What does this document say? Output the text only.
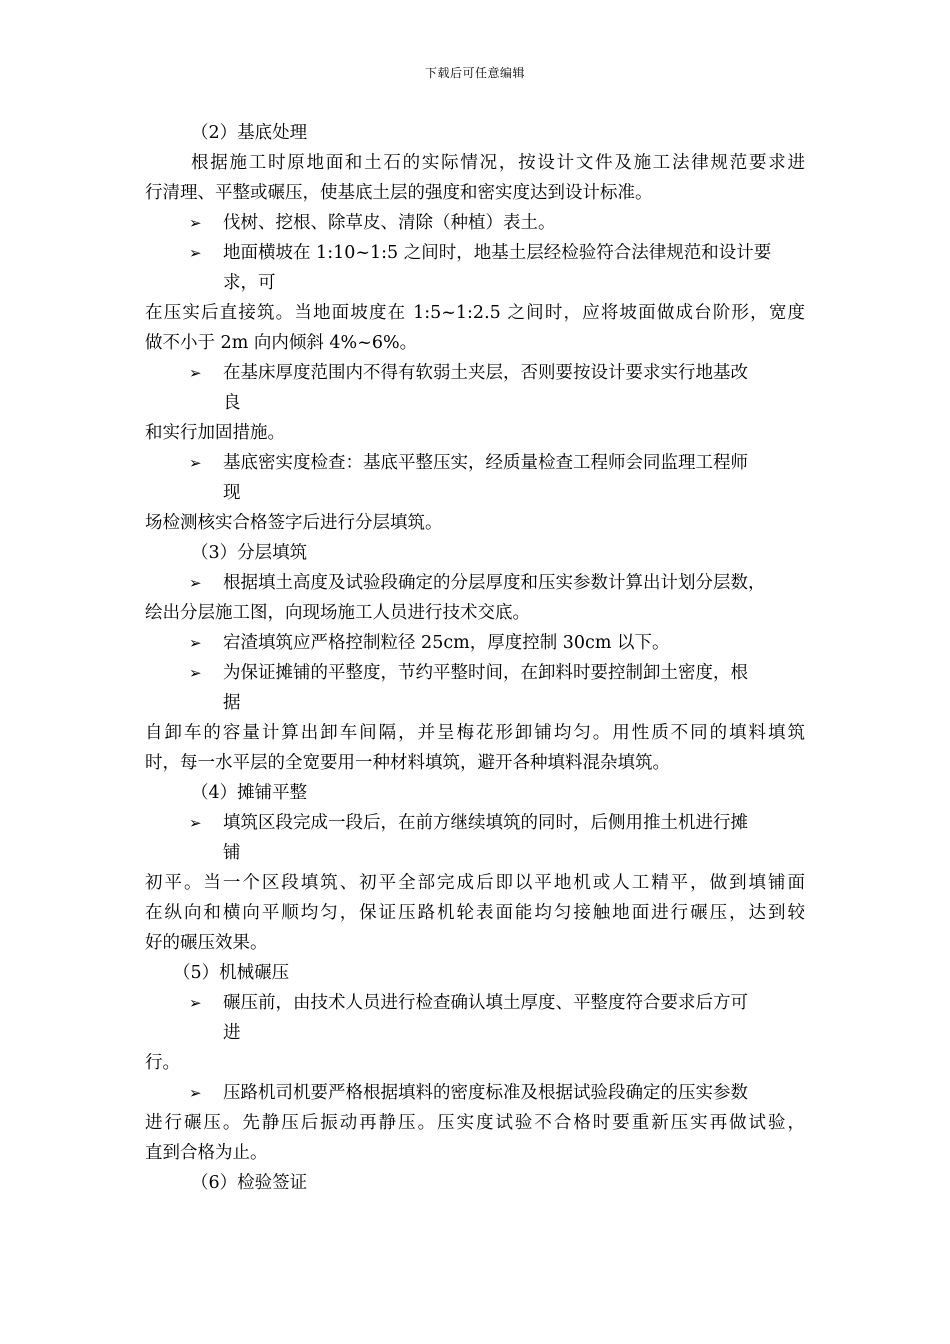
下载后可任意编辑
（2）基底处理
根据施工时原地面和土石的实际情况，按设计文件及施工法律规范要求进
行清理、平整或碾压，使基底土层的强度和密实度达到设计标准。
➢ 伐树、挖根、除草皮、清除（种植）表土。
➢ 地面横坡在 1:10~1:5 之间时，地基土层经检验符合法律规范和设计要
求，可
在压实后直接筑。当地面坡度在 1:5~1:2.5 之间时，应将坡面做成台阶形，宽度
做不小于 2m 向内倾斜 4%~6%。
➢ 在基床厚度范围内不得有软弱土夹层，否则要按设计要求实行地基改
良
和实行加固措施。
➢ 基底密实度检查：基底平整压实，经质量检查工程师会同监理工程师
现
场检测核实合格签字后进行分层填筑。
（3）分层填筑
➢ 根据填土高度及试验段确定的分层厚度和压实参数计算出计划分层数，
绘出分层施工图，向现场施工人员进行技术交底。
➢ 宕渣填筑应严格控制粒径 25cm，厚度控制 30cm 以下。
➢ 为保证摊铺的平整度，节约平整时间，在卸料时要控制卸土密度，根
据
自卸车的容量计算出卸车间隔，并呈梅花形卸铺均匀。用性质不同的填料填筑
时，每一水平层的全宽要用一种材料填筑，避开各种填料混杂填筑。
（4）摊铺平整
➢ 填筑区段完成一段后，在前方继续填筑的同时，后侧用推土机进行摊
铺
初平。当一个区段填筑、初平全部完成后即以平地机或人工精平，做到填铺面
在纵向和横向平顺均匀，保证压路机轮表面能均匀接触地面进行碾压，达到较
好的碾压效果。
（5）机械碾压
➢ 碾压前，由技术人员进行检查确认填土厚度、平整度符合要求后方可
进
行。
➢ 压路机司机要严格根据填料的密度标准及根据试验段确定的压实参数
进行碾压。先静压后振动再静压。压实度试验不合格时要重新压实再做试验，
直到合格为止。
（6）检验签证
